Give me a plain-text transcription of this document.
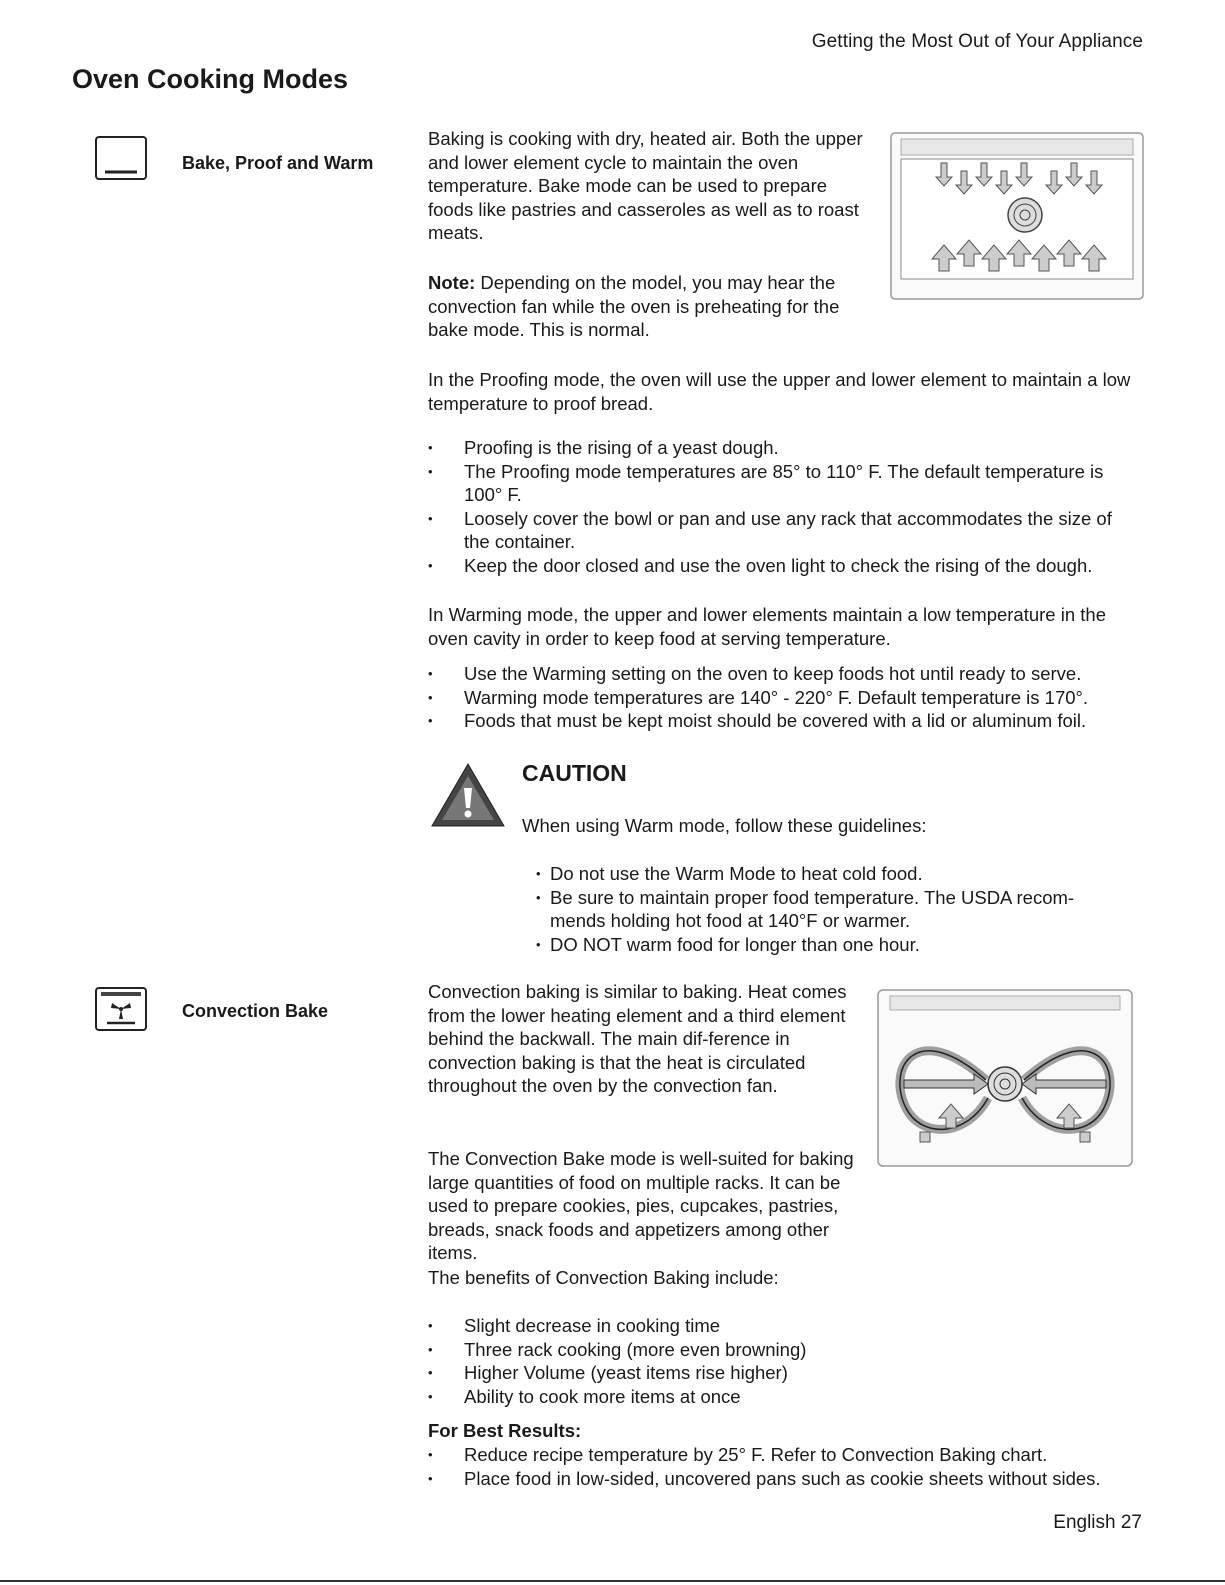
Getting the Most Out of Your Appliance
Oven Cooking Modes
Bake, Proof and Warm
Baking is cooking with dry, heated air. Both the upper and lower element cycle to maintain the oven temperature. Bake mode can be used to prepare foods like pastries and casseroles as well as to roast meats.
Note: Depending on the model, you may hear the convection fan while the oven is preheating for the bake mode. This is normal.
In the Proofing mode, the oven will use the upper and lower element to maintain a low temperature to proof bread.
• Proofing is the rising of a yeast dough.
• The Proofing mode temperatures are 85° to 110° F. The default temperature is 100° F.
• Loosely cover the bowl or pan and use any rack that accommodates the size of the container.
• Keep the door closed and use the oven light to check the rising of the dough.
In Warming mode, the upper and lower elements maintain a low temperature in the oven cavity in order to keep food at serving temperature.
• Use the Warming setting on the oven to keep foods hot until ready to serve.
• Warming mode temperatures are 140° - 220° F. Default temperature is 170°.
• Foods that must be kept moist should be covered with a lid or aluminum foil.
CAUTION
When using Warm mode, follow these guidelines:
• Do not use the Warm Mode to heat cold food.
• Be sure to maintain proper food temperature. The USDA recom-mends holding hot food at 140°F or warmer.
• DO NOT warm food for longer than one hour.
Convection Bake
Convection baking is similar to baking. Heat comes from the lower heating element and a third element behind the backwall. The main dif-ference in convection baking is that the heat is circulated throughout the oven by the convection fan.
The Convection Bake mode is well-suited for baking large quantities of food on multiple racks. It can be used to prepare cookies, pies, cupcakes, pastries, breads, snack foods and appetizers among other items.
The benefits of Convection Baking include:
• Slight decrease in cooking time
• Three rack cooking (more even browning)
• Higher Volume (yeast items rise higher)
• Ability to cook more items at once
For Best Results:
• Reduce recipe temperature by 25° F. Refer to Convection Baking chart.
• Place food in low-sided, uncovered pans such as cookie sheets without sides.
English 27
